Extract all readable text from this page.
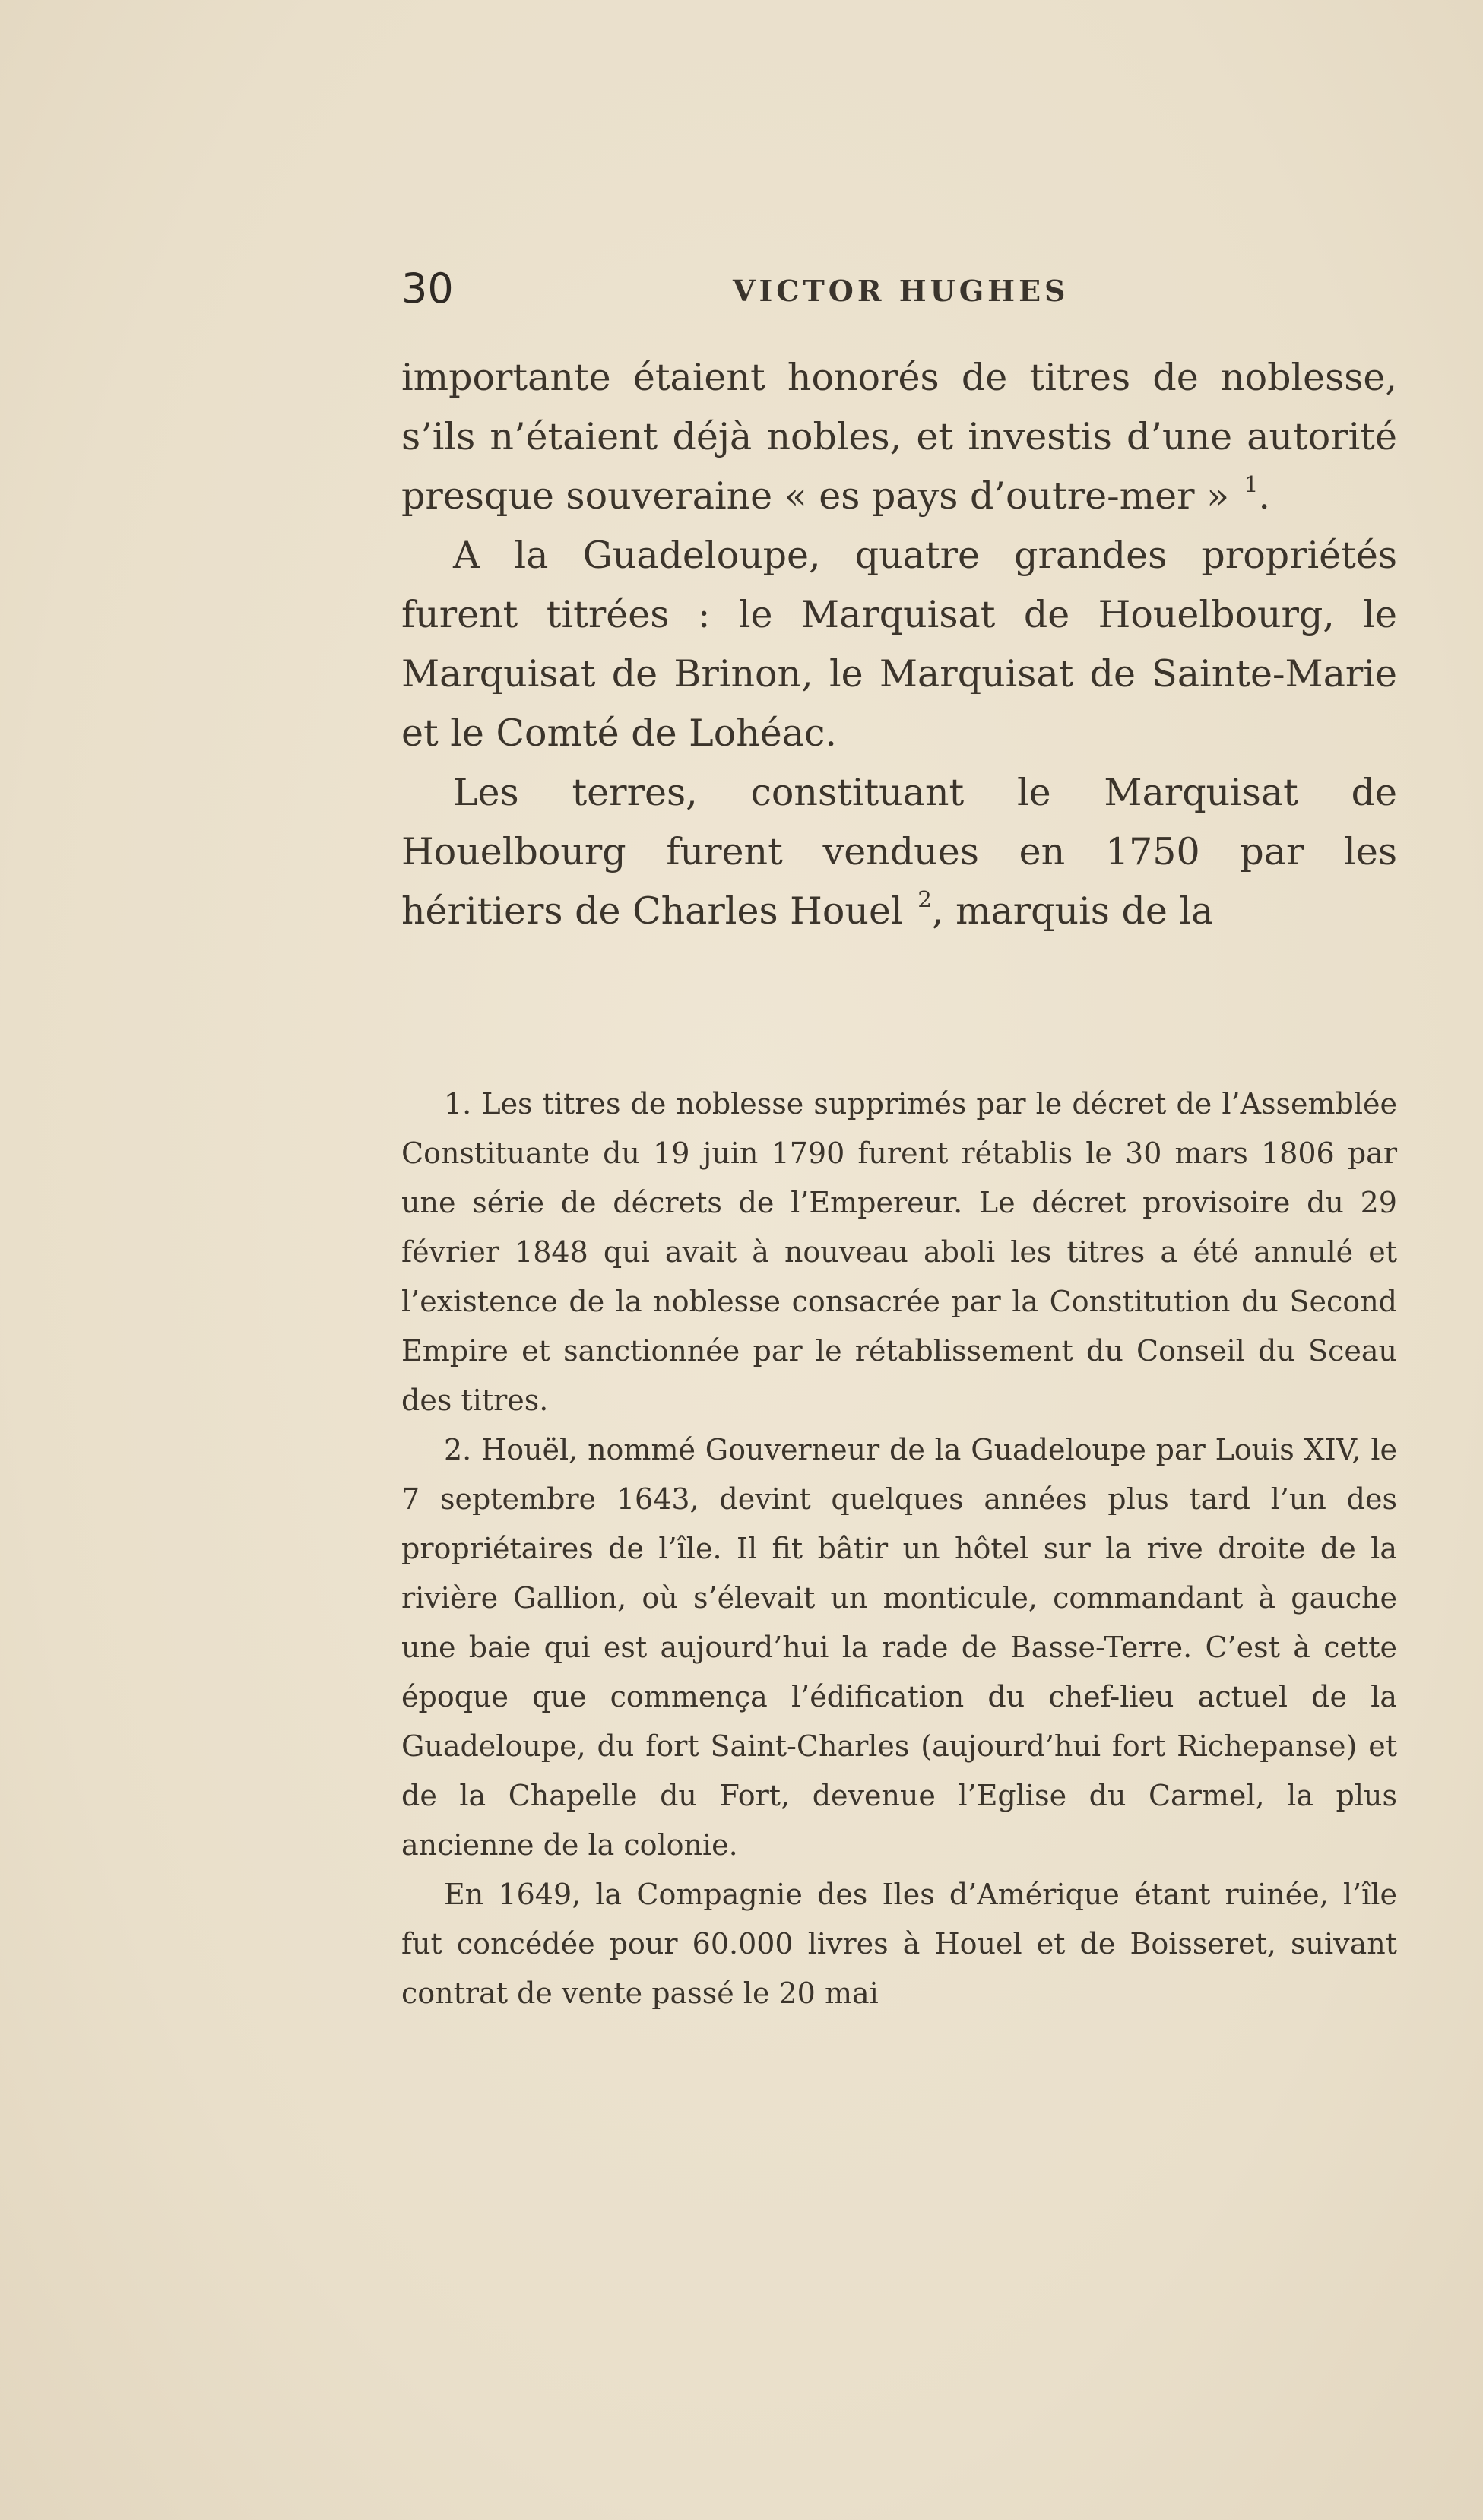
30	VICTOR HUGHES

importante étaient honorés de titres de noblesse, s’ils n’étaient déjà nobles, et investis d’une autorité presque souveraine « es pays d’outre-mer » $^1$.

A la Guadeloupe, quatre grandes propriétés furent titrées : le Marquisat de Houelbourg, le Marquisat de Brinon, le Marquisat de Sainte-Marie et le Comté de Lohéac.

Les terres, constituant le Marquisat de Houelbourg furent vendues en 1750 par les héritiers de Charles Houel $^2$, marquis de la

1. Les titres de noblesse supprimés par le décret de l’Assemblée Constituante du 19 juin 1790 furent rétablis le 30 mars 1806 par une série de décrets de l’Empereur. Le décret provisoire du 29 février 1848 qui avait à nouveau aboli les titres a été annulé et l’existence de la noblesse consacrée par la Constitution du Second Empire et sanctionnée par le rétablissement du Conseil du Sceau des titres.

2. Houël, nommé Gouverneur de la Guadeloupe par Louis XIV, le 7 septembre 1643, devint quelques années plus tard l’un des propriétaires de l’île. Il fit bâtir un hôtel sur la rive droite de la rivière Gallion, où s’élevait un monticule, commandant à gauche une baie qui est aujourd’hui la rade de Basse-Terre. C’est à cette époque que commença l’édification du chef-lieu actuel de la Guadeloupe, du fort Saint-Charles (aujourd’hui fort Richepanse) et de la Chapelle du Fort, devenue l’Eglise du Carmel, la plus ancienne de la colonie.

En 1649, la Compagnie des Iles d’Amérique étant ruinée, l’île fut concédée pour 60.000 livres à Houel et de Boisseret, suivant contrat de vente passé le 20 mai
